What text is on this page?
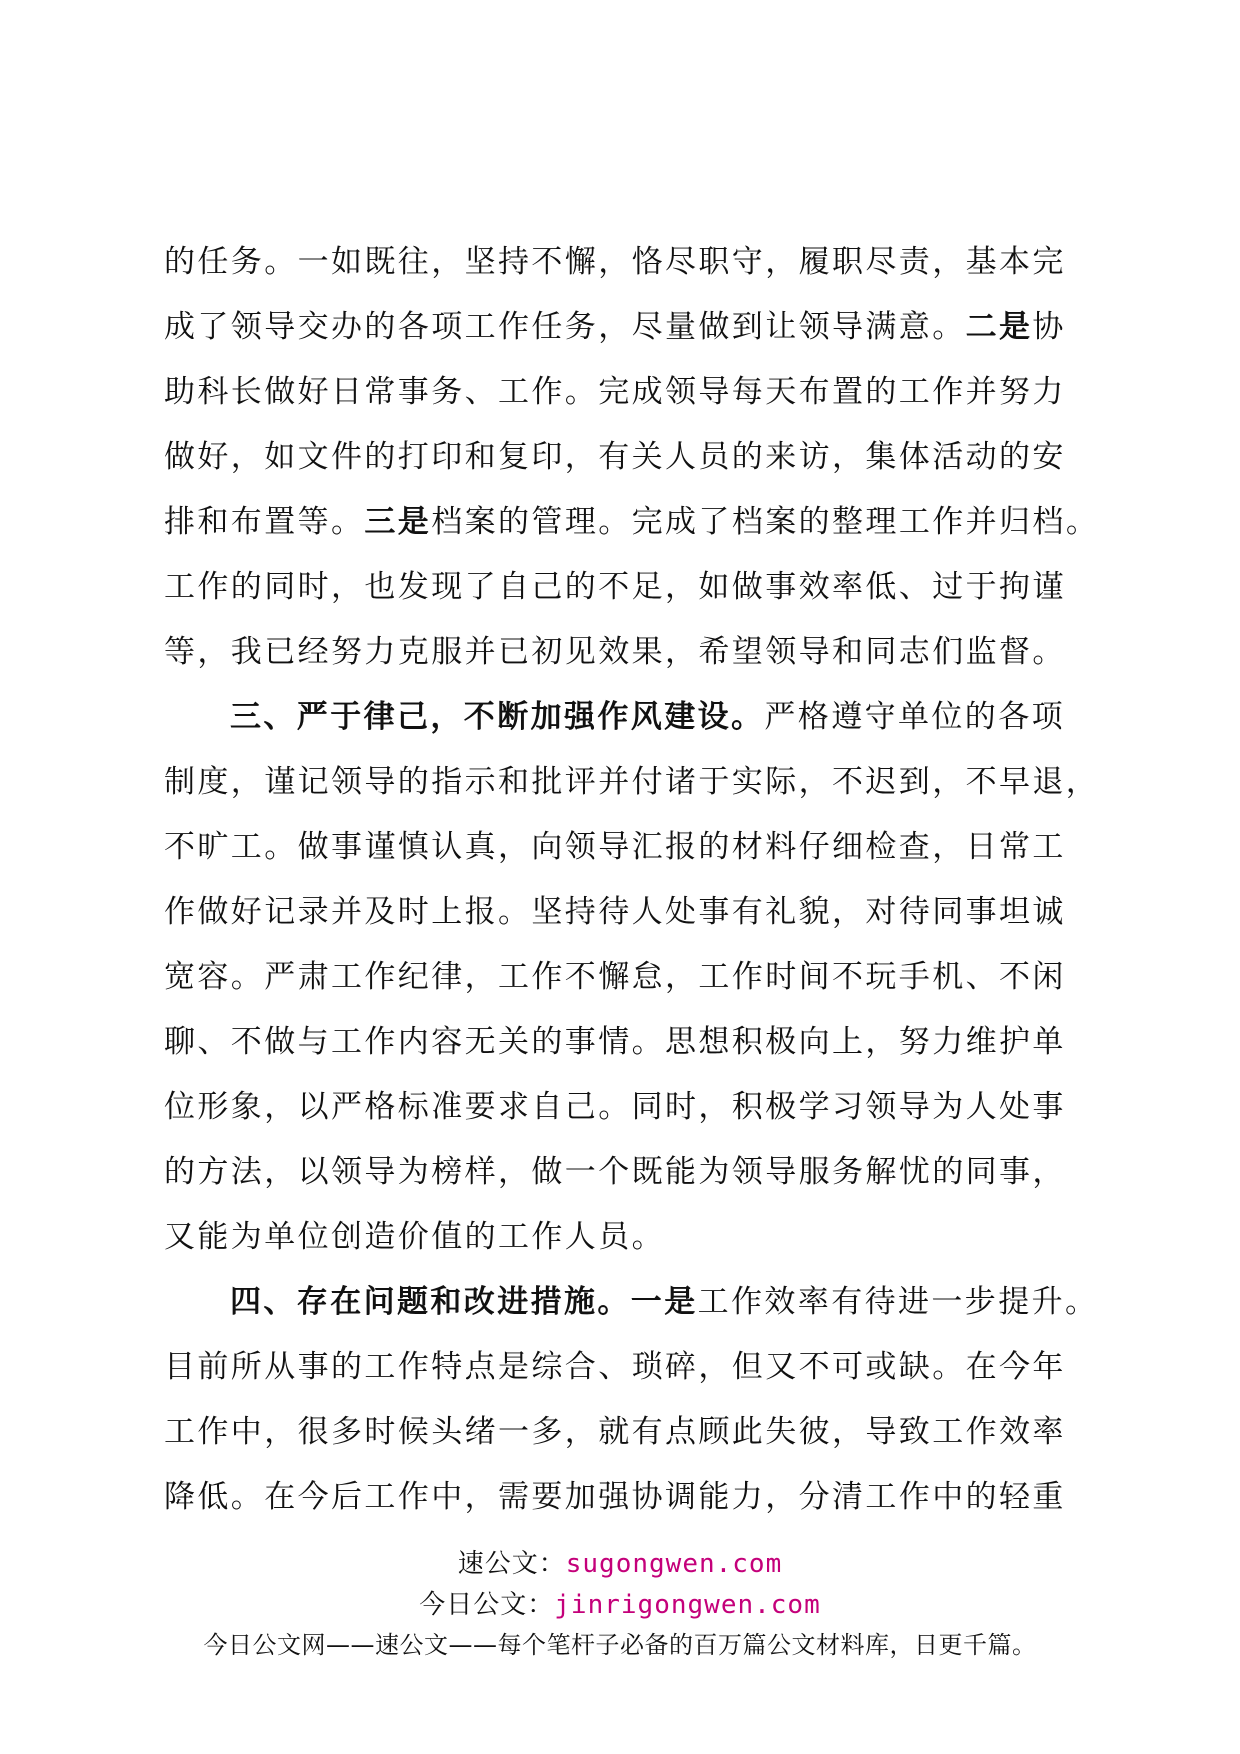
的任务。一如既往，坚持不懈，恪尽职守，履职尽责，基本完
成了领导交办的各项工作任务，尽量做到让领导满意。二是协
助科长做好日常事务、工作。完成领导每天布置的工作并努力
做好，如文件的打印和复印，有关人员的来访，集体活动的安
排和布置等。三是档案的管理。完成了档案的整理工作并归档。
工作的同时，也发现了自己的不足，如做事效率低、过于拘谨
等，我已经努力克服并已初见效果，希望领导和同志们监督。
三、严于律己，不断加强作风建设。严格遵守单位的各项
制度，谨记领导的指示和批评并付诸于实际，不迟到，不早退，
不旷工。做事谨慎认真，向领导汇报的材料仔细检查，日常工
作做好记录并及时上报。坚持待人处事有礼貌，对待同事坦诚
宽容。严肃工作纪律，工作不懈怠，工作时间不玩手机、不闲
聊、不做与工作内容无关的事情。思想积极向上，努力维护单
位形象，以严格标准要求自己。同时，积极学习领导为人处事
的方法，以领导为榜样，做一个既能为领导服务解忧的同事，
又能为单位创造价值的工作人员。
四、存在问题和改进措施。一是工作效率有待进一步提升。
目前所从事的工作特点是综合、琐碎，但又不可或缺。在今年
工作中，很多时候头绪一多，就有点顾此失彼，导致工作效率
降低。在今后工作中，需要加强协调能力，分清工作中的轻重
速公文：sugongwen.com
今日公文：jinrigongwen.com
今日公文网——速公文——每个笔杆子必备的百万篇公文材料库，日更千篇。
